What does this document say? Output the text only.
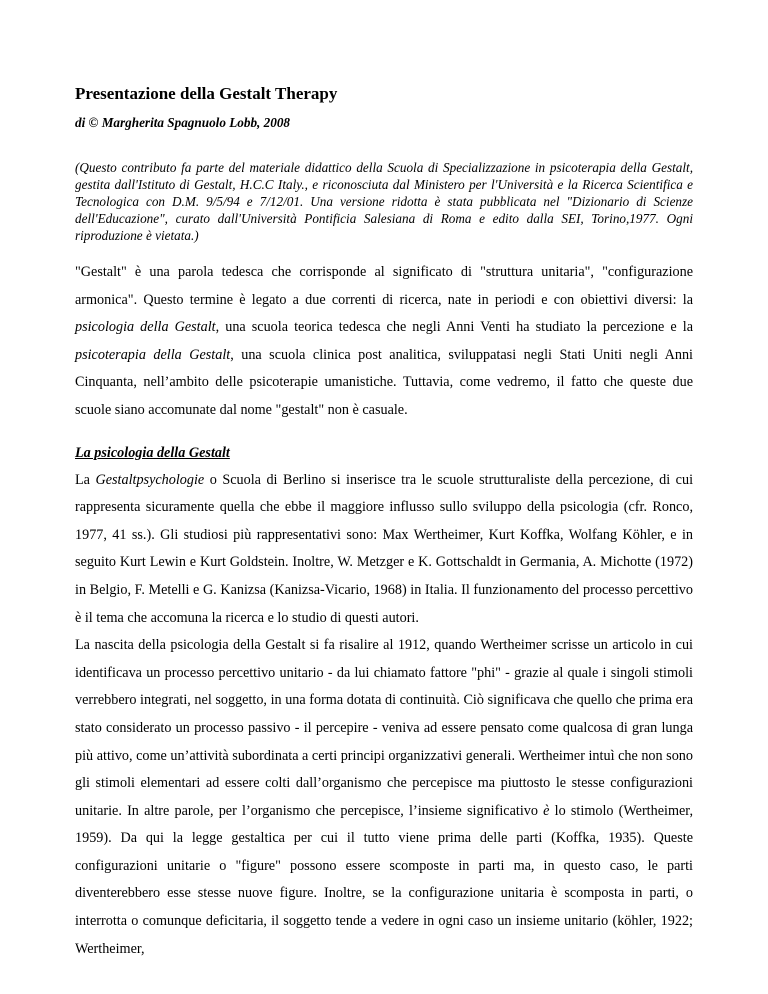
Presentazione della Gestalt Therapy
di © Margherita Spagnuolo Lobb, 2008
(Questo contributo fa parte del materiale didattico della Scuola di Specializzazione in psicoterapia della Gestalt, gestita dall'Istituto di Gestalt, H.C.C Italy., e riconosciuta dal Ministero per l'Università e la Ricerca Scientifica e Tecnologica con D.M. 9/5/94 e 7/12/01. Una versione ridotta è stata pubblicata nel "Dizionario di Scienze dell'Educazione", curato dall'Università Pontificia Salesiana di Roma e edito dalla SEI, Torino,1977. Ogni riproduzione è vietata.)

"Gestalt" è una parola tedesca che corrisponde al significato di "struttura unitaria", "configurazione armonica". Questo termine è legato a due correnti di ricerca, nate in periodi e con obiettivi diversi: la psicologia della Gestalt, una scuola teorica tedesca che negli Anni Venti ha studiato la percezione e la psicoterapia della Gestalt, una scuola clinica post analitica, sviluppatasi negli Stati Uniti negli Anni Cinquanta, nell’ambito delle psicoterapie umanistiche. Tuttavia, come vedremo, il fatto che queste due scuole siano accomunate dal nome "gestalt" non è casuale.

La psicologia della Gestalt

La Gestaltpsychologie o Scuola di Berlino si inserisce tra le scuole strutturaliste della percezione, di cui rappresenta sicuramente quella che ebbe il maggiore influsso sullo sviluppo della psicologia (cfr. Ronco, 1977, 41 ss.). Gli studiosi più rappresentativi sono: Max Wertheimer, Kurt Koffka, Wolfang Köhler, e in seguito Kurt Lewin e Kurt Goldstein. Inoltre, W. Metzger e K. Gottschaldt in Germania, A. Michotte (1972) in Belgio, F. Metelli e G. Kanizsa (Kanizsa-Vicario, 1968) in Italia. Il funzionamento del processo percettivo è il tema che accomuna la ricerca e lo studio di questi autori.

La nascita della psicologia della Gestalt si fa risalire al 1912, quando Wertheimer scrisse un articolo in cui identificava un processo percettivo unitario - da lui chiamato fattore "phi" - grazie al quale i singoli stimoli verrebbero integrati, nel soggetto, in una forma dotata di continuità. Ciò significava che quello che prima era stato considerato un processo passivo - il percepire - veniva ad essere pensato come qualcosa di gran lunga più attivo, come un’attività subordinata a certi principi organizzativi generali. Wertheimer intuì che non sono gli stimoli elementari ad essere colti dall’organismo che percepisce ma piuttosto le stesse configurazioni unitarie. In altre parole, per l’organismo che percepisce, l’insieme significativo è lo stimolo (Wertheimer, 1959). Da qui la legge gestaltica per cui il tutto viene prima delle parti (Koffka, 1935). Queste configurazioni unitarie o "figure" possono essere scomposte in parti ma, in questo caso, le parti diventerebbero esse stesse nuove figure. Inoltre, se la configurazione unitaria è scomposta in parti, o interrotta o comunque deficitaria, il soggetto tende a vedere in ogni caso un insieme unitario (köhler, 1922; Wertheimer,
